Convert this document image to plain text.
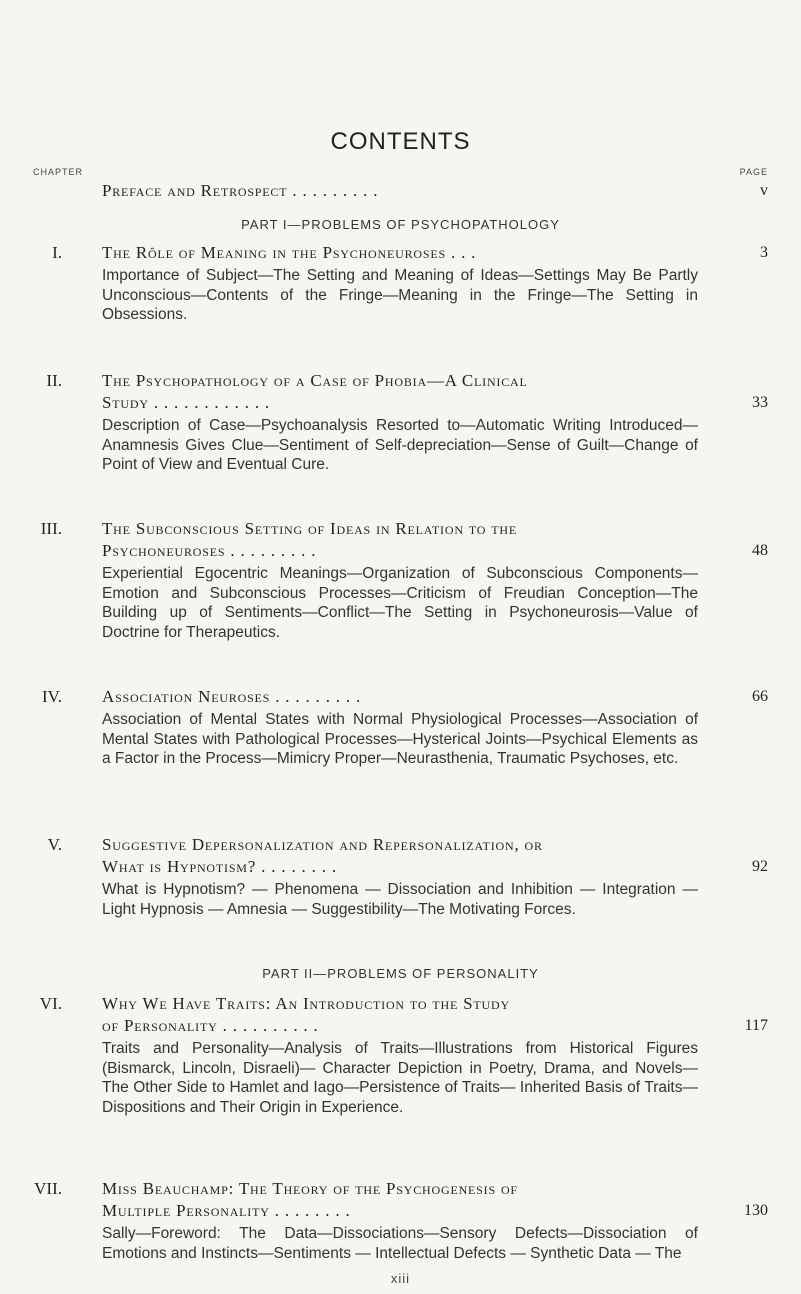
CONTENTS
CHAPTER	PAGE
Preface and Retrospect . . . . . . . . .	v
PART I—PROBLEMS OF PSYCHOPATHOLOGY
I. The Rôle of Meaning in the Psychoneuroses . . .	3
Importance of Subject—The Setting and Meaning of Ideas—Settings May Be Partly Unconscious—Contents of the Fringe—Meaning in the Fringe—The Setting in Obsessions.
II. The Psychopathology of a Case of Phobia—A Clinical
Study . . . . . . . . . . . .	33
Description of Case—Psychoanalysis Resorted to—Automatic Writing Introduced—Anamnesis Gives Clue—Sentiment of Self-depreciation—Sense of Guilt—Change of Point of View and Eventual Cure.
III. The Subconscious Setting of Ideas in Relation to the
Psychoneuroses . . . . . . . . .	48
Experiential Egocentric Meanings—Organization of Subconscious Components—Emotion and Subconscious Processes—Criticism of Freudian Conception—The Building up of Sentiments—Conflict—The Setting in Psychoneurosis—Value of Doctrine for Therapeutics.
IV. Association Neuroses . . . . . . . . .	66
Association of Mental States with Normal Physiological Processes—Association of Mental States with Pathological Processes—Hysterical Joints—Psychical Elements as a Factor in the Process—Mimicry Proper—Neurasthenia, Traumatic Psychoses, etc.
V. Suggestive Depersonalization and Repersonalization, or
What is Hypnotism? . . . . . . . .	92
What is Hypnotism? — Phenomena — Dissociation and Inhibition — Integration — Light Hypnosis — Amnesia — Suggestibility—The Motivating Forces.
PART II—PROBLEMS OF PERSONALITY
VI. Why We Have Traits: An Introduction to the Study
of Personality . . . . . . . . . .	117
Traits and Personality—Analysis of Traits—Illustrations from Historical Figures (Bismarck, Lincoln, Disraeli)— Character Depiction in Poetry, Drama, and Novels—The Other Side to Hamlet and Iago—Persistence of Traits— Inherited Basis of Traits—Dispositions and Their Origin in Experience.
VII. Miss Beauchamp: The Theory of the Psychogenesis of
Multiple Personality . . . . . . . .	130
Sally—Foreword: The Data—Dissociations—Sensory Defects—Dissociation of Emotions and Instincts—Sentiments — Intellectual Defects — Synthetic Data — The
xiii
